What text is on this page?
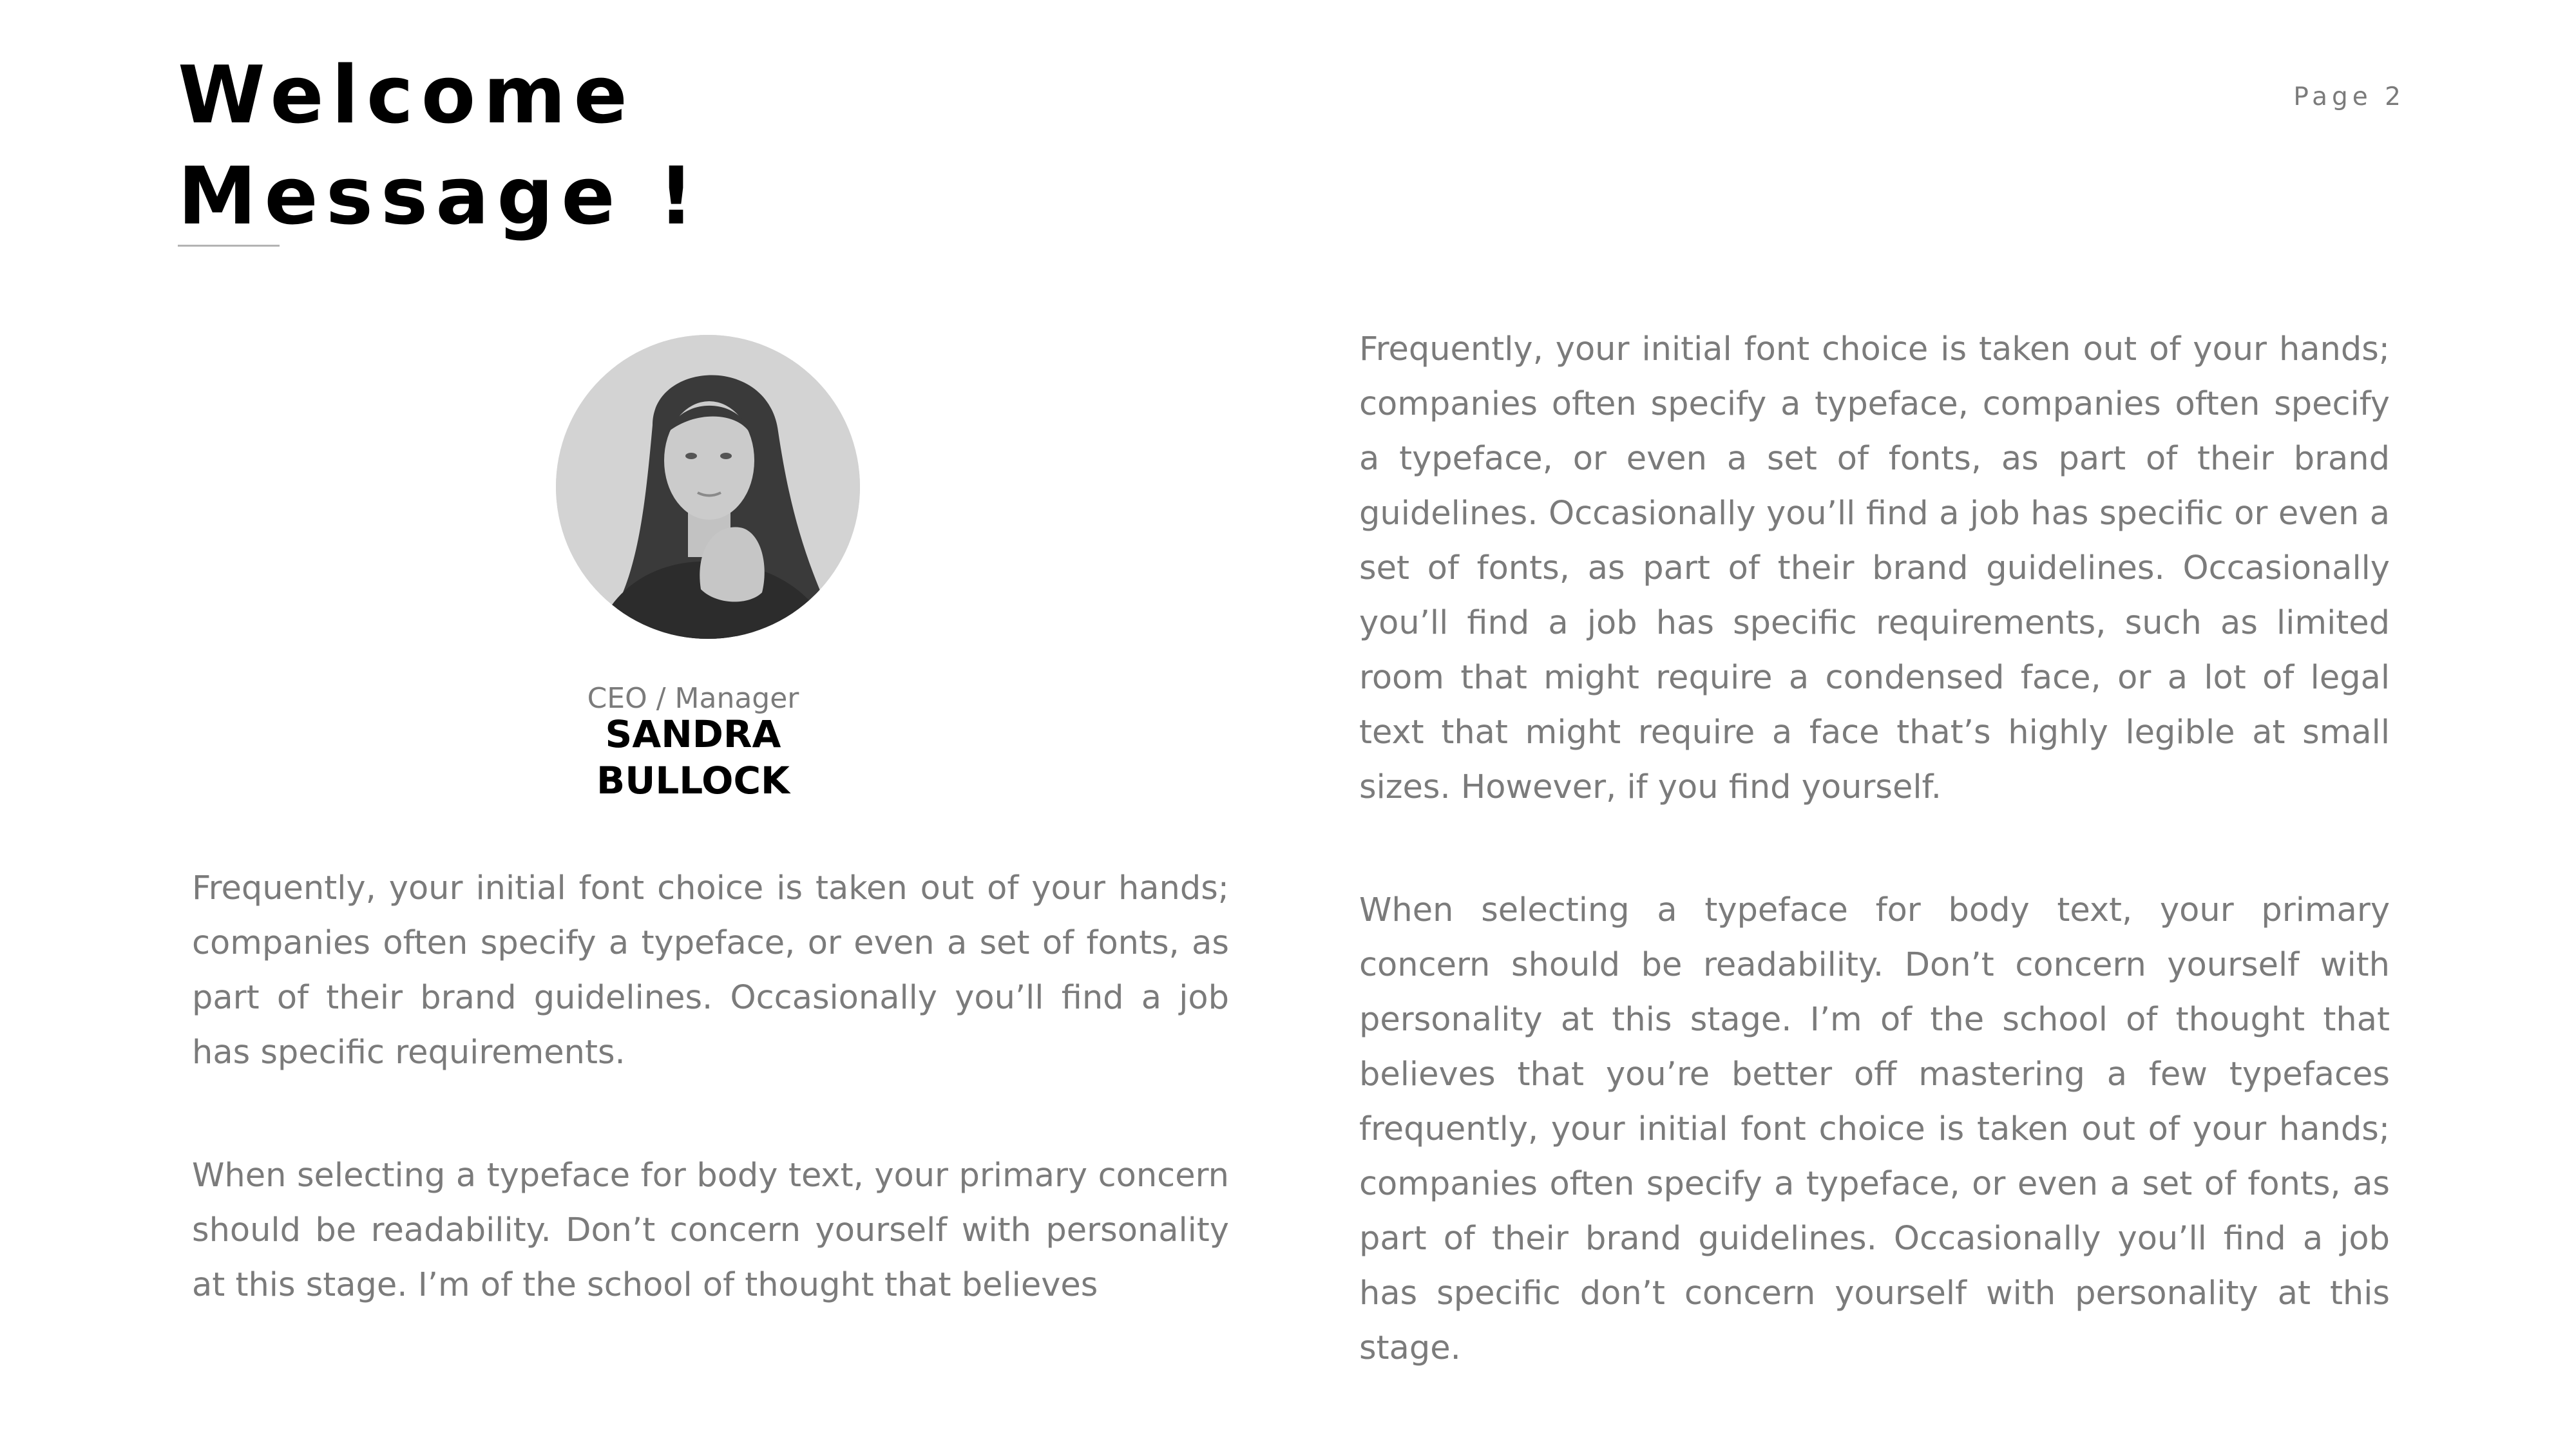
Welcome
Message !
Page 2
CEO / Manager
SANDRA
BULLOCK

Frequently, your initial font choice is taken out of your hands; companies often specify a typeface, or even a set of fonts, as part of their brand guidelines. Occasionally you’ll find a job has specific requirements.

When selecting a typeface for body text, your primary concern should be readability. Don’t concern yourself with personality at this stage. I’m of the school of thought that believes

Frequently, your initial font choice is taken out of your hands; companies often specify a typeface, companies often specify a typeface, or even a set of fonts, as part of their brand guidelines. Occasionally you’ll find a job has specific or even a set of fonts, as part of their brand guidelines. Occasionally you’ll find a job has specific requirements, such as limited room that might require a condensed face, or a lot of legal text that might require a face that’s highly legible at small sizes. However, if you find yourself.

When selecting a typeface for body text, your primary concern should be readability. Don’t concern yourself with personality at this stage. I’m of the school of thought that believes that you’re better off mastering a few typefaces frequently, your initial font choice is taken out of your hands; companies often specify a typeface, or even a set of fonts, as part of their brand guidelines. Occasionally you’ll find a job has specific don’t concern yourself with personality at this stage.
